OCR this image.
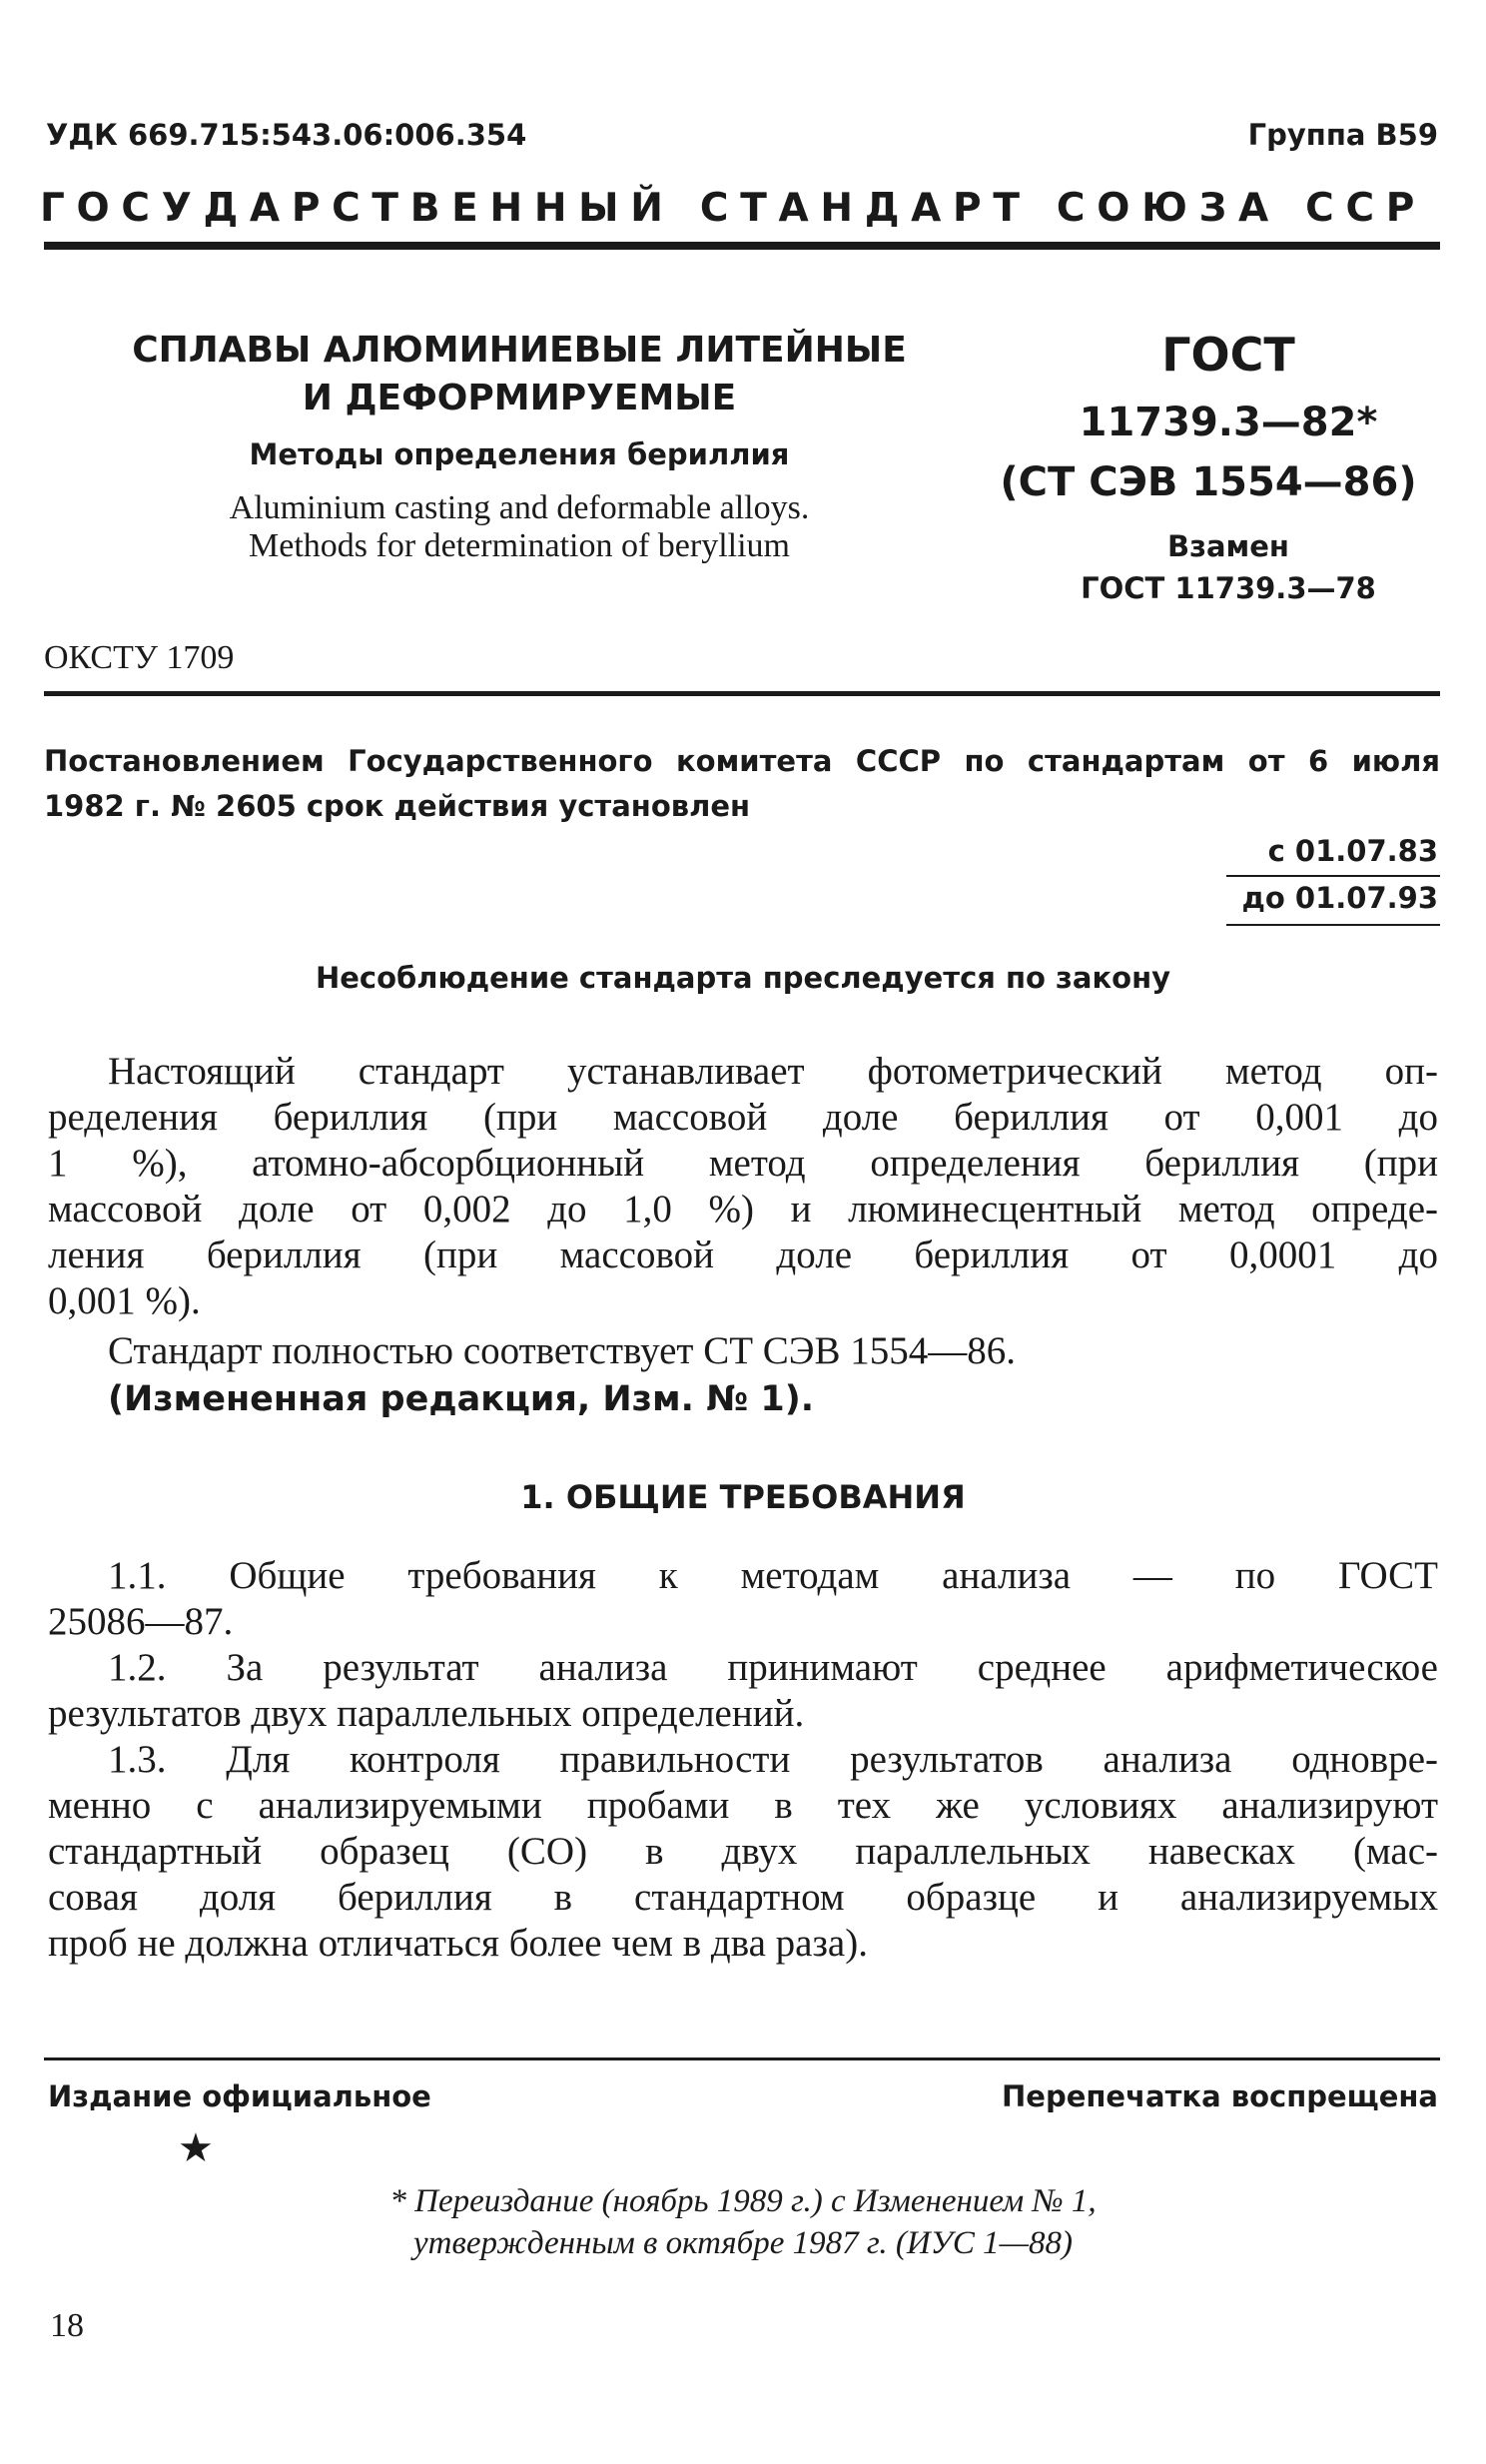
УДК 669.715:543.06:006.354	Группа В59

ГОСУДАРСТВЕННЫЙ СТАНДАРТ СОЮЗА ССР

СПЛАВЫ АЛЮМИНИЕВЫЕ ЛИТЕЙНЫЕ

И ДЕФОРМИРУЕМЫЕ

Методы определения бериллия

Aluminium casting and deformable alloys.

Methods for determination of beryllium

ГОСТ

11739.3—82*

(СТ СЭВ 1554—86)

Взамен

ГОСТ 11739.3—78

ОКСТУ 1709

Постановлением Государственного комитета СССР по стандартам от 6 июля

1982 г. № 2605 срок действия установлен

с 01.07.83

до 01.07.93

Несоблюдение стандарта преследуется по закону

Настоящий стандарт устанавливает фотометрический метод оп-
ределения бериллия (при массовой доле бериллия от 0,001 до
1 %), атомно-абсорбционный метод определения бериллия (при
массовой доле от 0,002 до 1,0 %) и люминесцентный метод опреде-
ления бериллия (при массовой доле бериллия от 0,0001 до
0,001 %).

Стандарт полностью соответствует СТ СЭВ 1554—86.

(Измененная редакция, Изм. № 1).

1. ОБЩИЕ ТРЕБОВАНИЯ

1.1. Общие требования к методам анализа — по ГОСТ
25086—87.
1.2. За результат анализа принимают среднее арифметическое
результатов двух параллельных определений.
1.3. Для контроля правильности результатов анализа одновре-
менно с анализируемыми пробами в тех же условиях анализируют
стандартный образец (СО) в двух параллельных навесках (мас-
совая доля бериллия в стандартном образце и анализируемых
проб не должна отличаться более чем в два раза).

Издание официальное	Перепечатка воспрещена

★

* Переиздание (ноябрь 1989 г.) с Изменением № 1,

утвержденным в октябре 1987 г. (ИУС 1—88)

18
